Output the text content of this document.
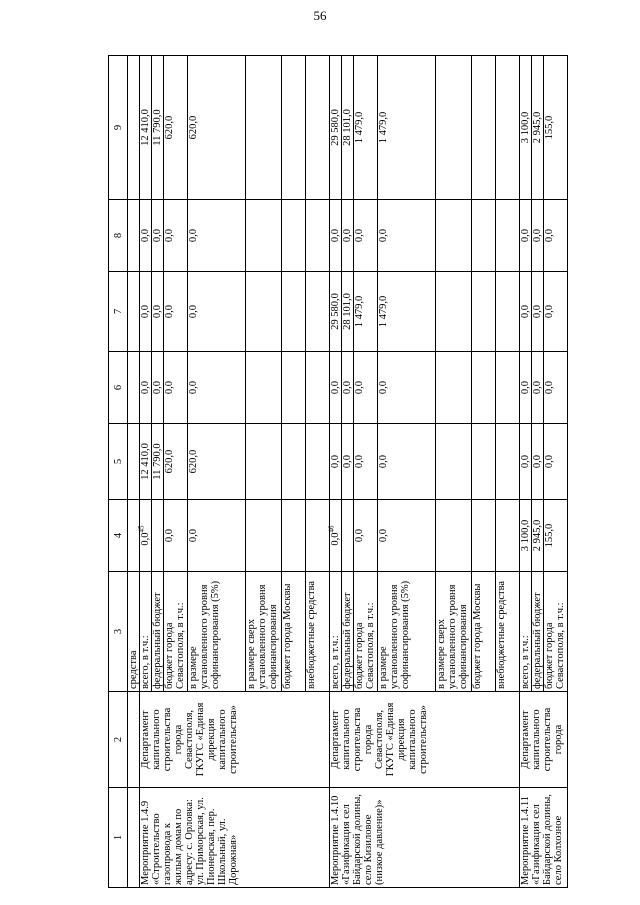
56
1	2	3	4	5	6	7	8	9
		средства						
Мероприятие 1.4.9 «Строительство газопровода к жилым домам по адресу: с. Орловка: ул. Приморская, ул. Пионерская, пер. Школьный, ул. Дорожная»	Департамент капитального строительства города Севастополя, ГКУГС «Единая дирекция капитального строительства»	всего, в т.ч.:	$0,0^{45}$	12 410,0	0,0	0,0	0,0	12 410,0
		федеральный бюджет		11 790,0	0,0	0,0	0,0	11 790,0
		бюджет города Севастополя, в т.ч.:	0,0	620,0	0,0	0,0	0,0	620,0
		в размере установленного уровня софинансирования (5%)	0,0	620,0	0,0	0,0	0,0	620,0
		в размере сверх установленного уровня софинансирования						
		бюджет города Москвы						
		внебюджетные средства						
Мероприятие 1.4.10 «Газификация сел Байдарской долины, село Кизиловое (низкое давление)»	Департамент капитального строительства города Севастополя, ГКУГС «Единая дирекция капитального строительства»	всего, в т.ч.:	$0,0^{46}$	0,0	0,0	29 580,0	0,0	29 580,0
		федеральный бюджет		0,0	0,0	28 101,0	0,0	28 101,0
		бюджет города Севастополя, в т.ч.:	0,0	0,0	0,0	1 479,0	0,0	1 479,0
		в размере установленного уровня софинансирования (5%)	0,0	0,0	0,0	1 479,0	0,0	1 479,0
		в размере сверх установленного уровня софинансирования						
		бюджет города Москвы						
		внебюджетные средства						
Мероприятие 1.4.11 «Газификация сел Байдарской долины, село Колхозное	Департамент капитального строительства города	всего, в т.ч.:	3 100,0	0,0	0,0	0,0	0,0	3 100,0
		федеральный бюджет	2 945,0	0,0	0,0	0,0	0,0	2 945,0
		бюджет города Севастополя, в т.ч.:	155,0	0,0	0,0	0,0	0,0	155,0
